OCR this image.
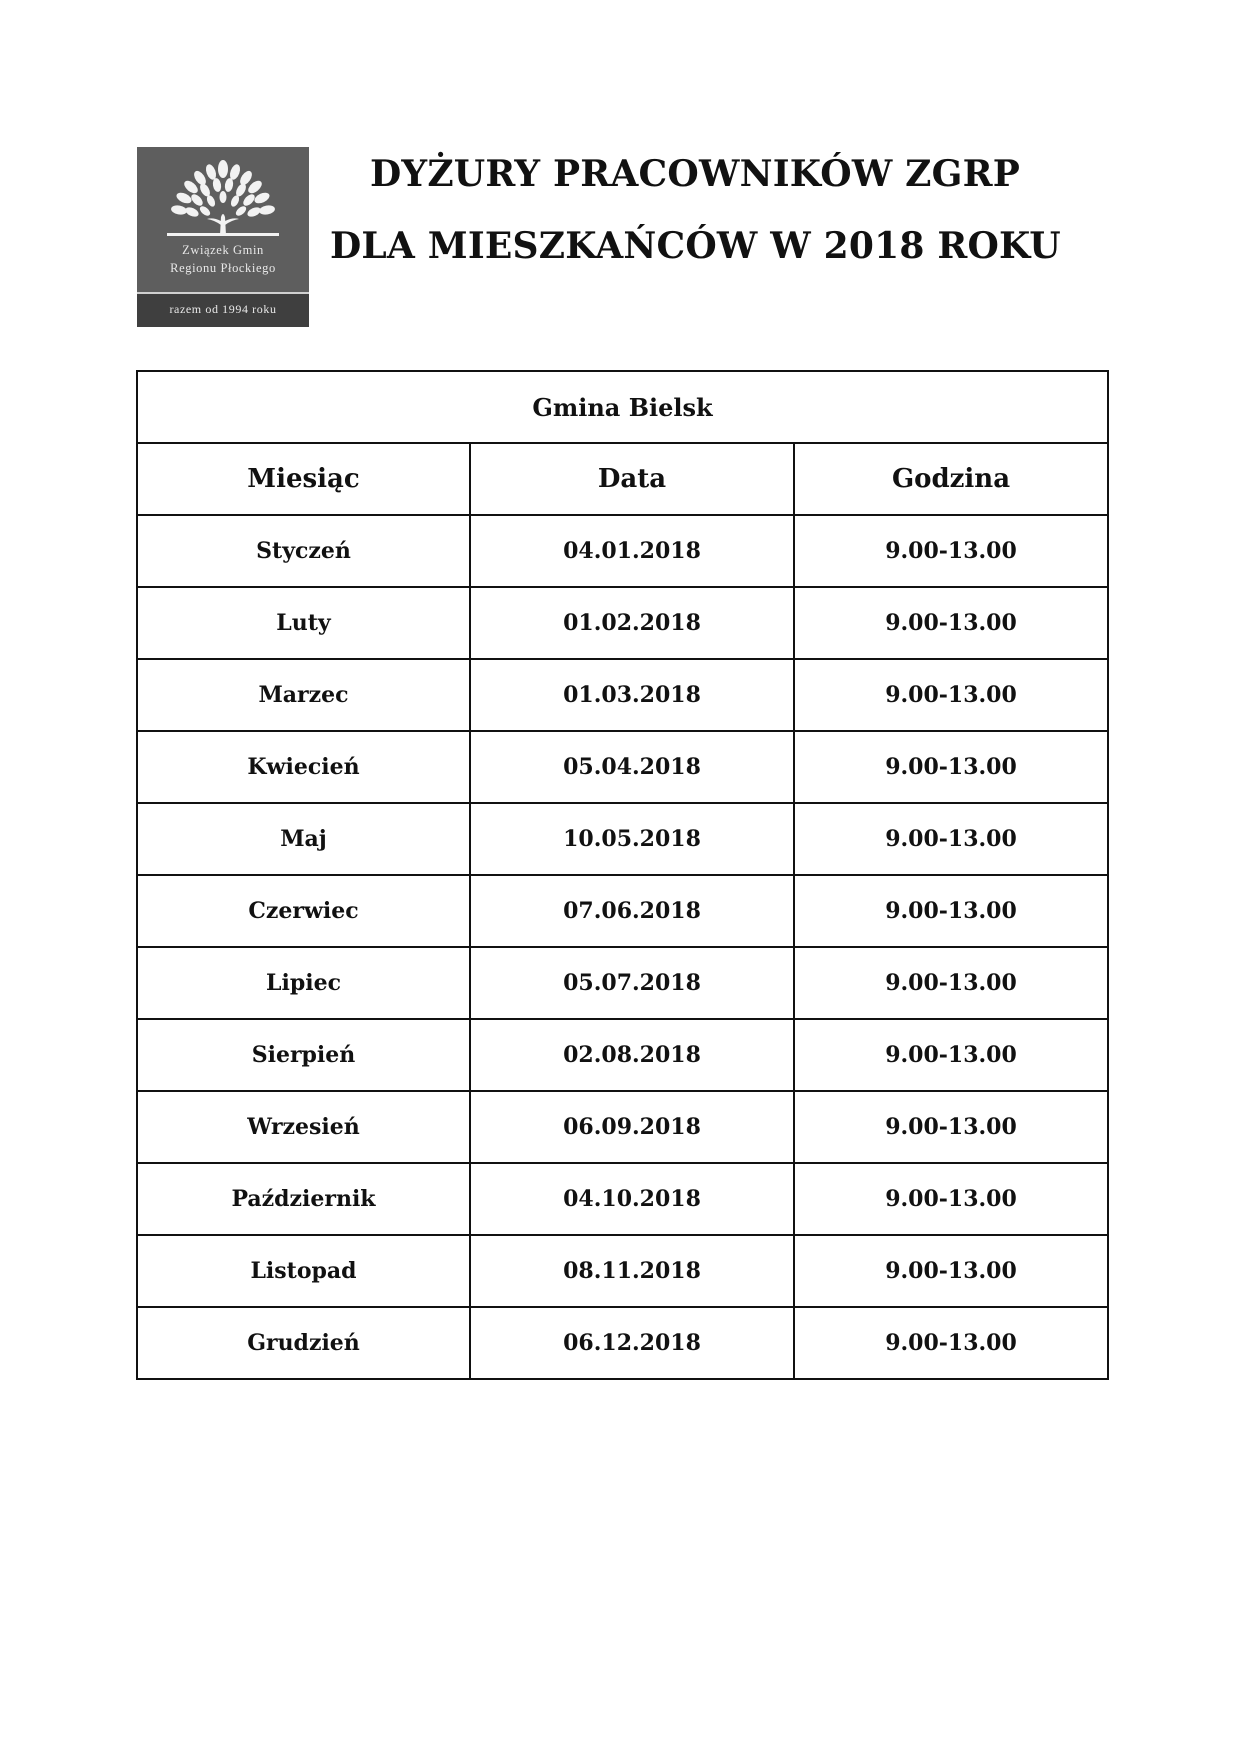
Związek Gmin
Regionu Płockiego
razem od 1994 roku
DYŻURY PRACOWNIKÓW ZGRP
DLA MIESZKAŃCÓW W 2018 ROKU
Gmina Bielsk		
Miesiąc	Data	Godzina
Styczeń	04.01.2018	9.00-13.00
Luty	01.02.2018	9.00-13.00
Marzec	01.03.2018	9.00-13.00
Kwiecień	05.04.2018	9.00-13.00
Maj	10.05.2018	9.00-13.00
Czerwiec	07.06.2018	9.00-13.00
Lipiec	05.07.2018	9.00-13.00
Sierpień	02.08.2018	9.00-13.00
Wrzesień	06.09.2018	9.00-13.00
Październik	04.10.2018	9.00-13.00
Listopad	08.11.2018	9.00-13.00
Grudzień	06.12.2018	9.00-13.00
